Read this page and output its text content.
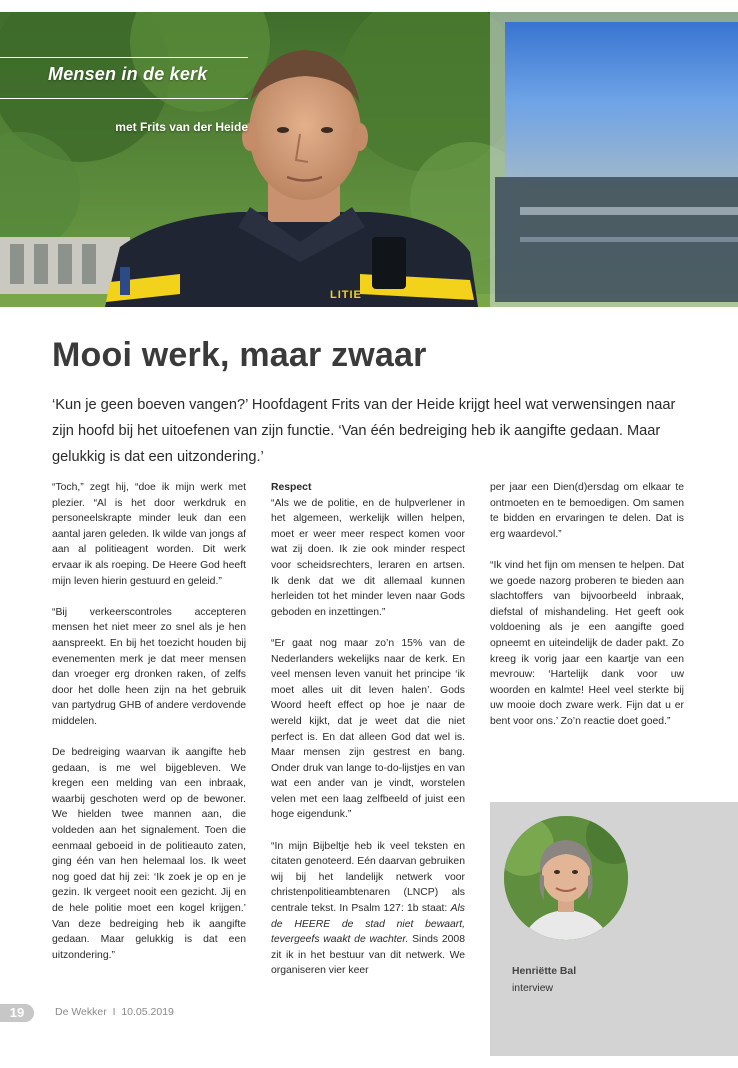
Mensen in de kerk
met Frits van der Heide
LITIE
Mooi werk, maar zwaar

‘Kun je geen boeven vangen?’ Hoofdagent Frits van der Heide krijgt heel wat verwensingen naar zijn hoofd bij het uitoefenen van zijn functie. ‘Van één bedreiging heb ik aangifte gedaan. Maar gelukkig is dat een uitzondering.’

“Toch,” zegt hij, “doe ik mijn werk met plezier. “Al is het door werkdruk en personeelskrapte minder leuk dan een aantal jaren geleden. Ik wilde van jongs af aan al politieagent worden. Dit werk ervaar ik als roeping. De Heere God heeft mijn leven hierin gestuurd en geleid.”

“Bij verkeerscontroles accepteren mensen het niet meer zo snel als je hen aanspreekt. En bij het toezicht houden bij evenementen merk je dat meer mensen dan vroeger erg dronken raken, of zelfs door het dolle heen zijn na het gebruik van partydrug GHB of andere verdovende middelen.

De bedreiging waarvan ik aangifte heb gedaan, is me wel bijgebleven. We kregen een melding van een inbraak, waarbij geschoten werd op de bewoner. We hielden twee mannen aan, die voldeden aan het signalement. Toen die eenmaal geboeid in de politieauto zaten, ging één van hen helemaal los. Ik weet nog goed dat hij zei: ‘Ik zoek je op en je gezin. Ik vergeet nooit een gezicht. Jij en de hele politie moet een kogel krijgen.’ Van deze bedreiging heb ik aangifte gedaan. Maar gelukkig is dat een uitzondering.”

Respect

“Als we de politie, en de hulpverlener in het algemeen, werkelijk willen helpen, moet er weer meer respect komen voor wat zij doen. Ik zie ook minder respect voor scheidsrechters, leraren en artsen. Ik denk dat we dit allemaal kunnen herleiden tot het minder leven naar Gods geboden en inzettingen.”

“Er gaat nog maar zo’n 15% van de Nederlanders wekelijks naar de kerk. En veel mensen leven vanuit het principe ‘ik moet alles uit dit leven halen’. Gods Woord heeft effect op hoe je naar de wereld kijkt, dat je weet dat die niet perfect is. En dat alleen God dat wel is. Maar mensen zijn gestrest en bang. Onder druk van lange to-do-lijstjes en van wat een ander van je vindt, worstelen velen met een laag zelfbeeld of juist een hoge eigendunk.”

“In mijn Bijbeltje heb ik veel teksten en citaten genoteerd. Eén daarvan gebruiken wij bij het landelijk netwerk voor christenpolitieambtenaren (LNCP) als centrale tekst. In Psalm 127: 1b staat: Als de HEERE de stad niet bewaart, tevergeefs waakt de wachter. Sinds 2008 zit ik in het bestuur van dit netwerk. We organiseren vier keer

per jaar een Dien(d)ersdag om elkaar te ontmoeten en te bemoedigen. Om samen te bidden en ervaringen te delen. Dat is erg waardevol.”

“Ik vind het fijn om mensen te helpen. Dat we goede nazorg proberen te bieden aan slachtoffers van bijvoorbeeld inbraak, diefstal of mishandeling. Het geeft ook voldoening als je een aangifte goed opneemt en uiteindelijk de dader pakt. Zo kreeg ik vorig jaar een kaartje van een mevrouw: ‘Hartelijk dank voor uw woorden en kalmte! Heel veel sterkte bij uw mooie doch zware werk. Fijn dat u er bent voor ons.’ Zo’n reactie doet goed.”

Henriëtte Bal
interview
19	De Wekker  I  10.05.2019
